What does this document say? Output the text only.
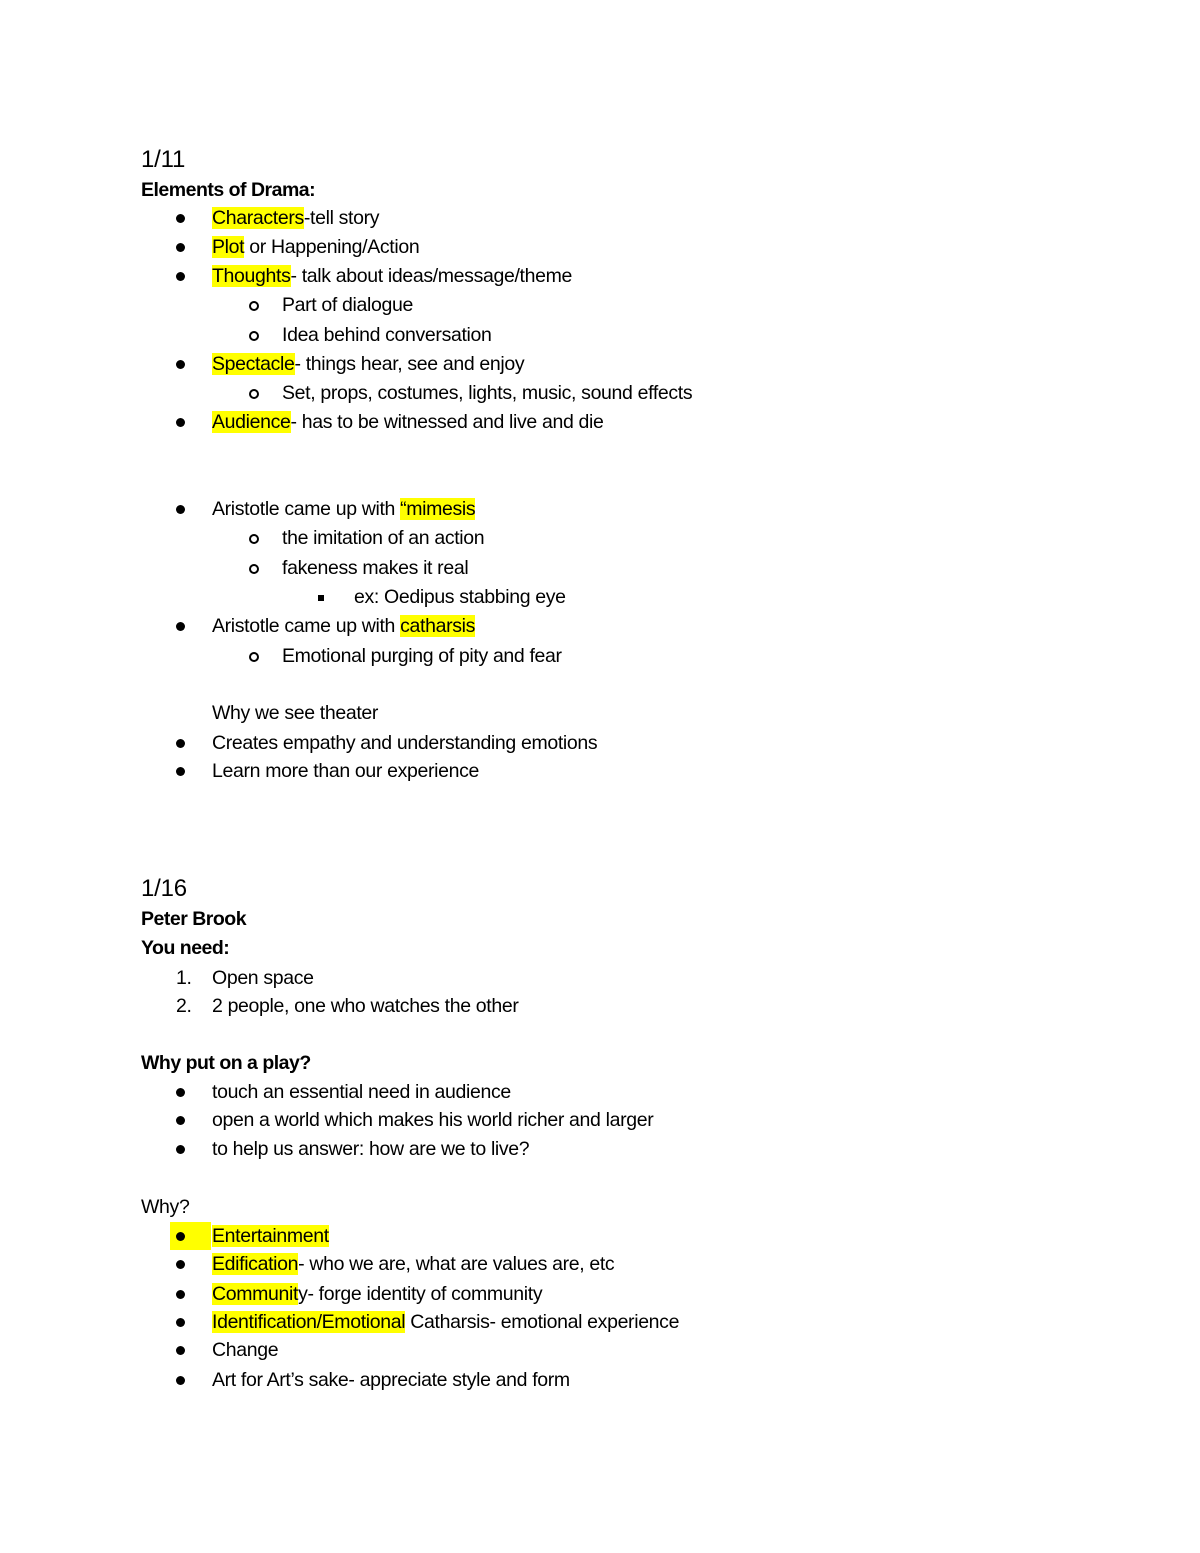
1/11
Elements of Drama:
Characters-tell story
Plot or Happening/Action
Thoughts- talk about ideas/message/theme
Part of dialogue
Idea behind conversation
Spectacle- things hear, see and enjoy
Set, props, costumes, lights, music, sound effects
Audience- has to be witnessed and live and die
Aristotle came up with “mimesis
the imitation of an action
fakeness makes it real
ex: Oedipus stabbing eye
Aristotle came up with catharsis
Emotional purging of pity and fear
Why we see theater
Creates empathy and understanding emotions
Learn more than our experience
1/16
Peter Brook
You need:
1. Open space
2. 2 people, one who watches the other
Why put on a play?
touch an essential need in audience
open a world which makes his world richer and larger
to help us answer: how are we to live?
Why?
Entertainment
Edification- who we are, what are values are, etc
Community- forge identity of community
Identification/Emotional Catharsis- emotional experience
Change
Art for Art’s sake- appreciate style and form
